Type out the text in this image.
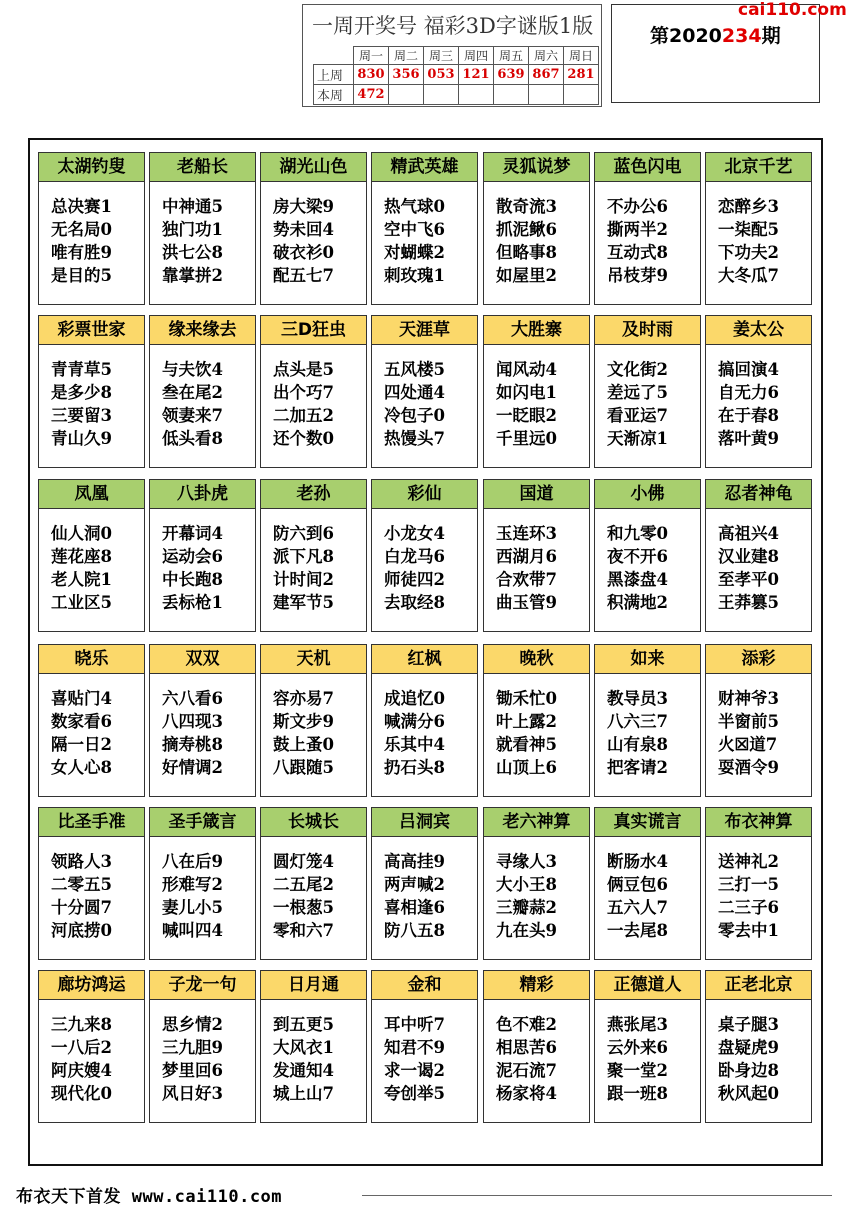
一周开奖号 福彩3D字谜版1版
	周一	周二	周三	周四	周五	周六	周日
上周	830	356	053	121	639	867	281
本周	472						
第2020234期
cai110.com
太湖钓叟
总决赛1
无名局0
唯有胜9
是目的5
老船长
中神通5
独门功1
洪七公8
靠掌拼2
湖光山色
房大梁9
势未回4
破衣衫0
配五七7
精武英雄
热气球0
空中飞6
对蝴蝶2
刺玫瑰1
灵狐说梦
散奇流3
抓泥鳅6
但略事8
如屋里2
蓝色闪电
不办公6
撕两半2
互动式8
吊枝芽9
北京千艺
恋醉乡3
一柒配5
下功夫2
大冬瓜7
彩票世家
青青草5
是多少8
三要留3
青山久9
缘来缘去
与夫饮4
叁在尾2
领妻来7
低头看8
三D狂虫
点头是5
出个巧7
二加五2
还个数0
天涯草
五风楼5
四处通4
冷包子0
热馒头7
大胜寨
闻风动4
如闪电1
一眨眼2
千里远0
及时雨
文化街2
差远了5
看亚运7
天渐凉1
姜太公
搞回演4
自无力6
在于春8
落叶黄9
凤凰
仙人洞0
莲花座8
老人院1
工业区5
八卦虎
开幕词4
运动会6
中长跑8
丢标枪1
老孙
防六到6
派下凡8
计时间2
建军节5
彩仙
小龙女4
白龙马6
师徒四2
去取经8
国道
玉连环3
西湖月6
合欢带7
曲玉管9
小佛
和九零0
夜不开6
黑漆盘4
积满地2
忍者神龟
高祖兴4
汉业建8
至孝平0
王莽篡5
晓乐
喜贴门4
数家看6
隔一日2
女人心8
双双
六八看6
八四现3
摘寿桃8
好情调2
天机
容亦易7
斯文步9
鼓上蚤0
八跟随5
红枫
成追忆0
喊满分6
乐其中4
扔石头8
晚秋
锄禾忙0
叶上露2
就看神5
山顶上6
如来
教导员3
八六三7
山有泉8
把客请2
添彩
财神爷3
半窗前5
火☒道7
耍酒令9
比圣手准
领路人3
二零五5
十分圆7
河底捞0
圣手箴言
八在后9
形难写2
妻儿小5
喊叫四4
长城长
圆灯笼4
二五尾2
一根葱5
零和六7
吕洞宾
高高挂9
两声喊2
喜相逢6
防八五8
老六神算
寻缘人3
大小王8
三瓣蒜2
九在头9
真实谎言
断肠水4
俩豆包6
五六人7
一去尾8
布衣神算
送神礼2
三打一5
二三子6
零去中1
廊坊鸿运
三九来8
一八后2
阿庆嫂4
现代化0
子龙一句
思乡情2
三九胆9
梦里回6
风日好3
日月通
到五更5
大风衣1
发通知4
城上山7
金和
耳中听7
知君不9
求一谒2
夸创举5
精彩
色不难2
相思苦6
泥石流7
杨家将4
正德道人
燕张尾3
云外来6
聚一堂2
跟一班8
正老北京
桌子腿3
盘疑虎9
卧身边8
秋风起0
布衣天下首发 www.cai110.com
